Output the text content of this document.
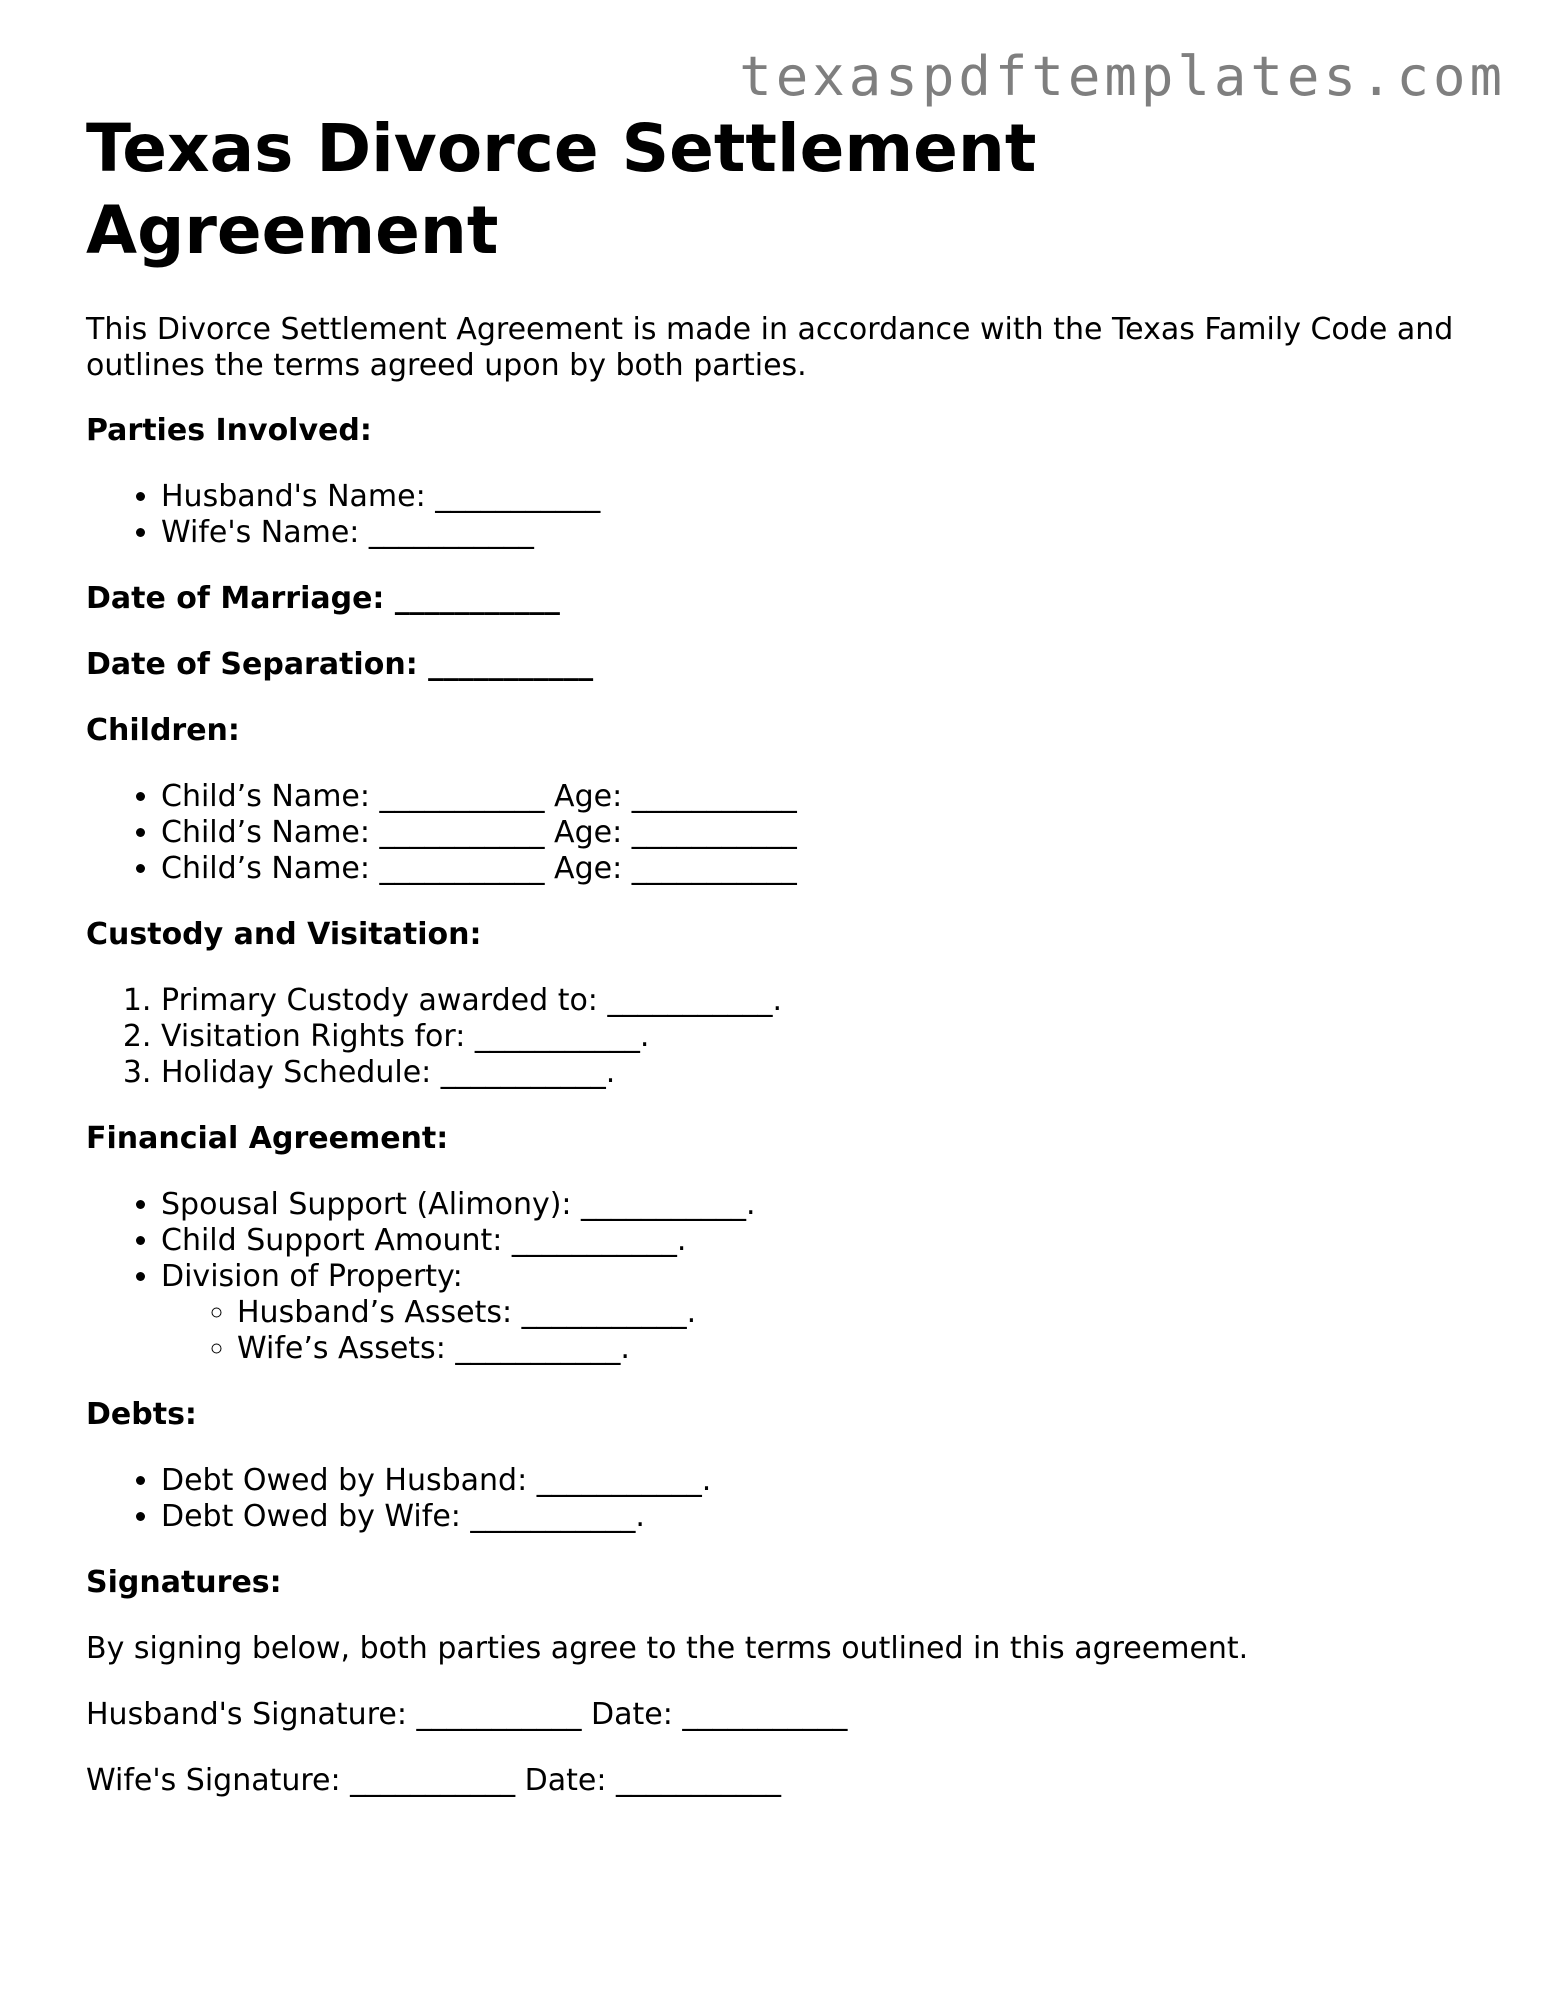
texaspdftemplates.com
Texas Divorce Settlement Agreement

This Divorce Settlement Agreement is made in accordance with the Texas Family Code and outlines the terms agreed upon by both parties.

Parties Involved:

• Husband's Name: ___________
• Wife's Name: ___________

Date of Marriage: ___________

Date of Separation: ___________

Children:

• Child’s Name: ___________ Age: ___________
• Child’s Name: ___________ Age: ___________
• Child’s Name: ___________ Age: ___________

Custody and Visitation:

1. Primary Custody awarded to: ___________.
2. Visitation Rights for: ___________.
3. Holiday Schedule: ___________.

Financial Agreement:

• Spousal Support (Alimony): ___________.
• Child Support Amount: ___________.
• Division of Property:
◦ Husband’s Assets: ___________.
◦ Wife’s Assets: ___________.

Debts:

• Debt Owed by Husband: ___________.
• Debt Owed by Wife: ___________.

Signatures:

By signing below, both parties agree to the terms outlined in this agreement.

Husband's Signature: ___________ Date: ___________

Wife's Signature: ___________ Date: ___________
